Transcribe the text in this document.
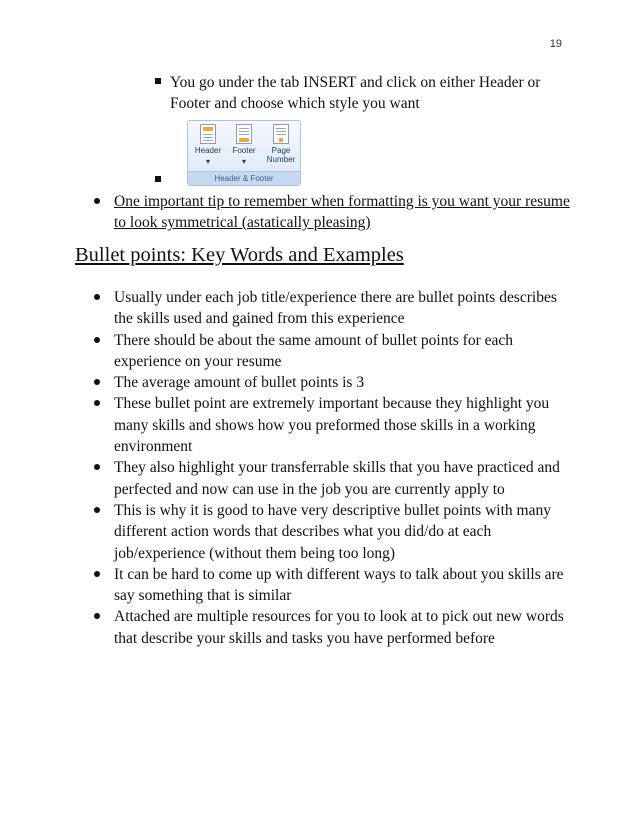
19
You go under the tab INSERT and click on either Header or Footer and choose which style you want
Header
▾
Footer
▾
Page Number
Header & Footer
One important tip to remember when formatting is you want your resume to look symmetrical (astatically pleasing)
Bullet points: Key Words and Examples
Usually under each job title/experience there are bullet points describes the skills used and gained from this experience
There should be about the same amount of bullet points for each experience on your resume
The average amount of bullet points is 3
These bullet point are extremely important because they highlight you many skills and shows how you preformed those skills in a working environment
They also highlight your transferrable skills that you have practiced and perfected and now can use in the job you are currently apply to
This is why it is good to have very descriptive bullet points with many different action words that describes what you did/do at each job/experience (without them being too long)
It can be hard to come up with different ways to talk about you skills are say something that is similar
Attached are multiple resources for you to look at to pick out new words that describe your skills and tasks you have performed before
